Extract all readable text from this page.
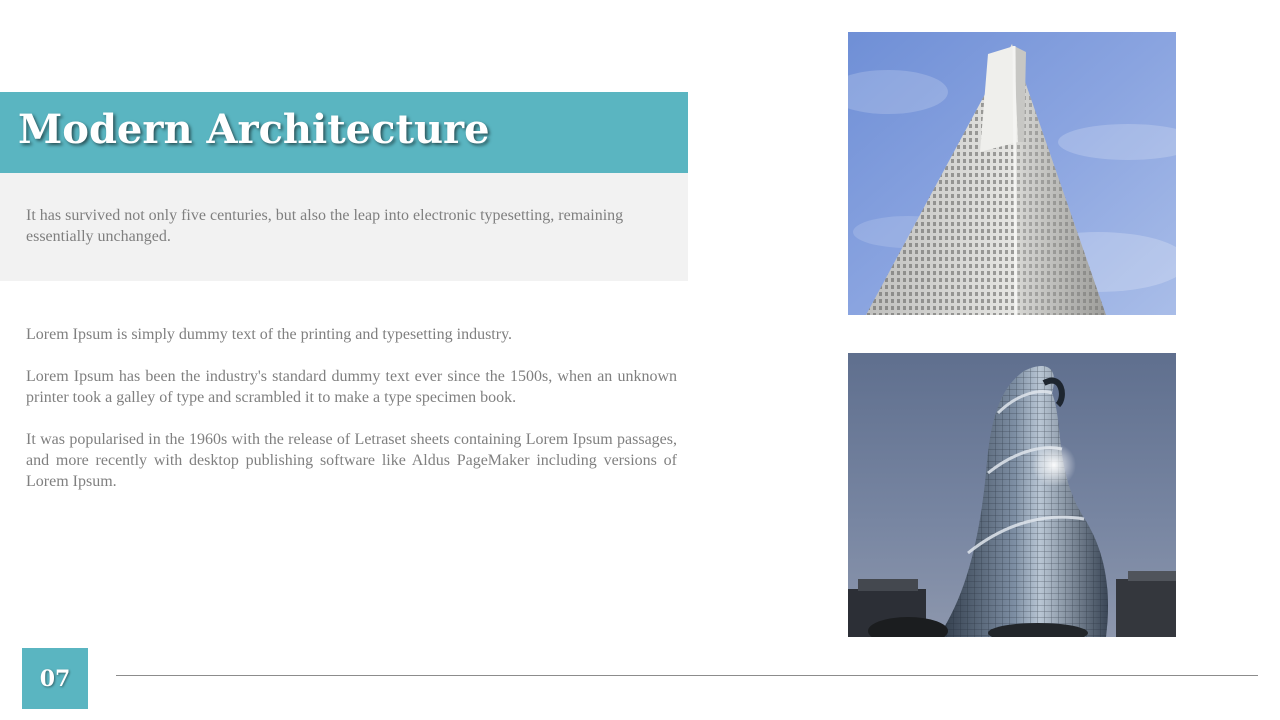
Modern Architecture
It has survived not only five centuries, but also the leap into electronic typesetting, remaining essentially unchanged.

Lorem Ipsum is simply dummy text of the printing and typesetting industry.

Lorem Ipsum has been the industry's standard dummy text ever since the 1500s, when an unknown printer took a galley of type and scrambled it to make a type specimen book.

It was popularised in the 1960s with the release of Letraset sheets containing Lorem Ipsum passages, and more recently with desktop publishing software like Aldus PageMaker including versions of Lorem Ipsum.

07
